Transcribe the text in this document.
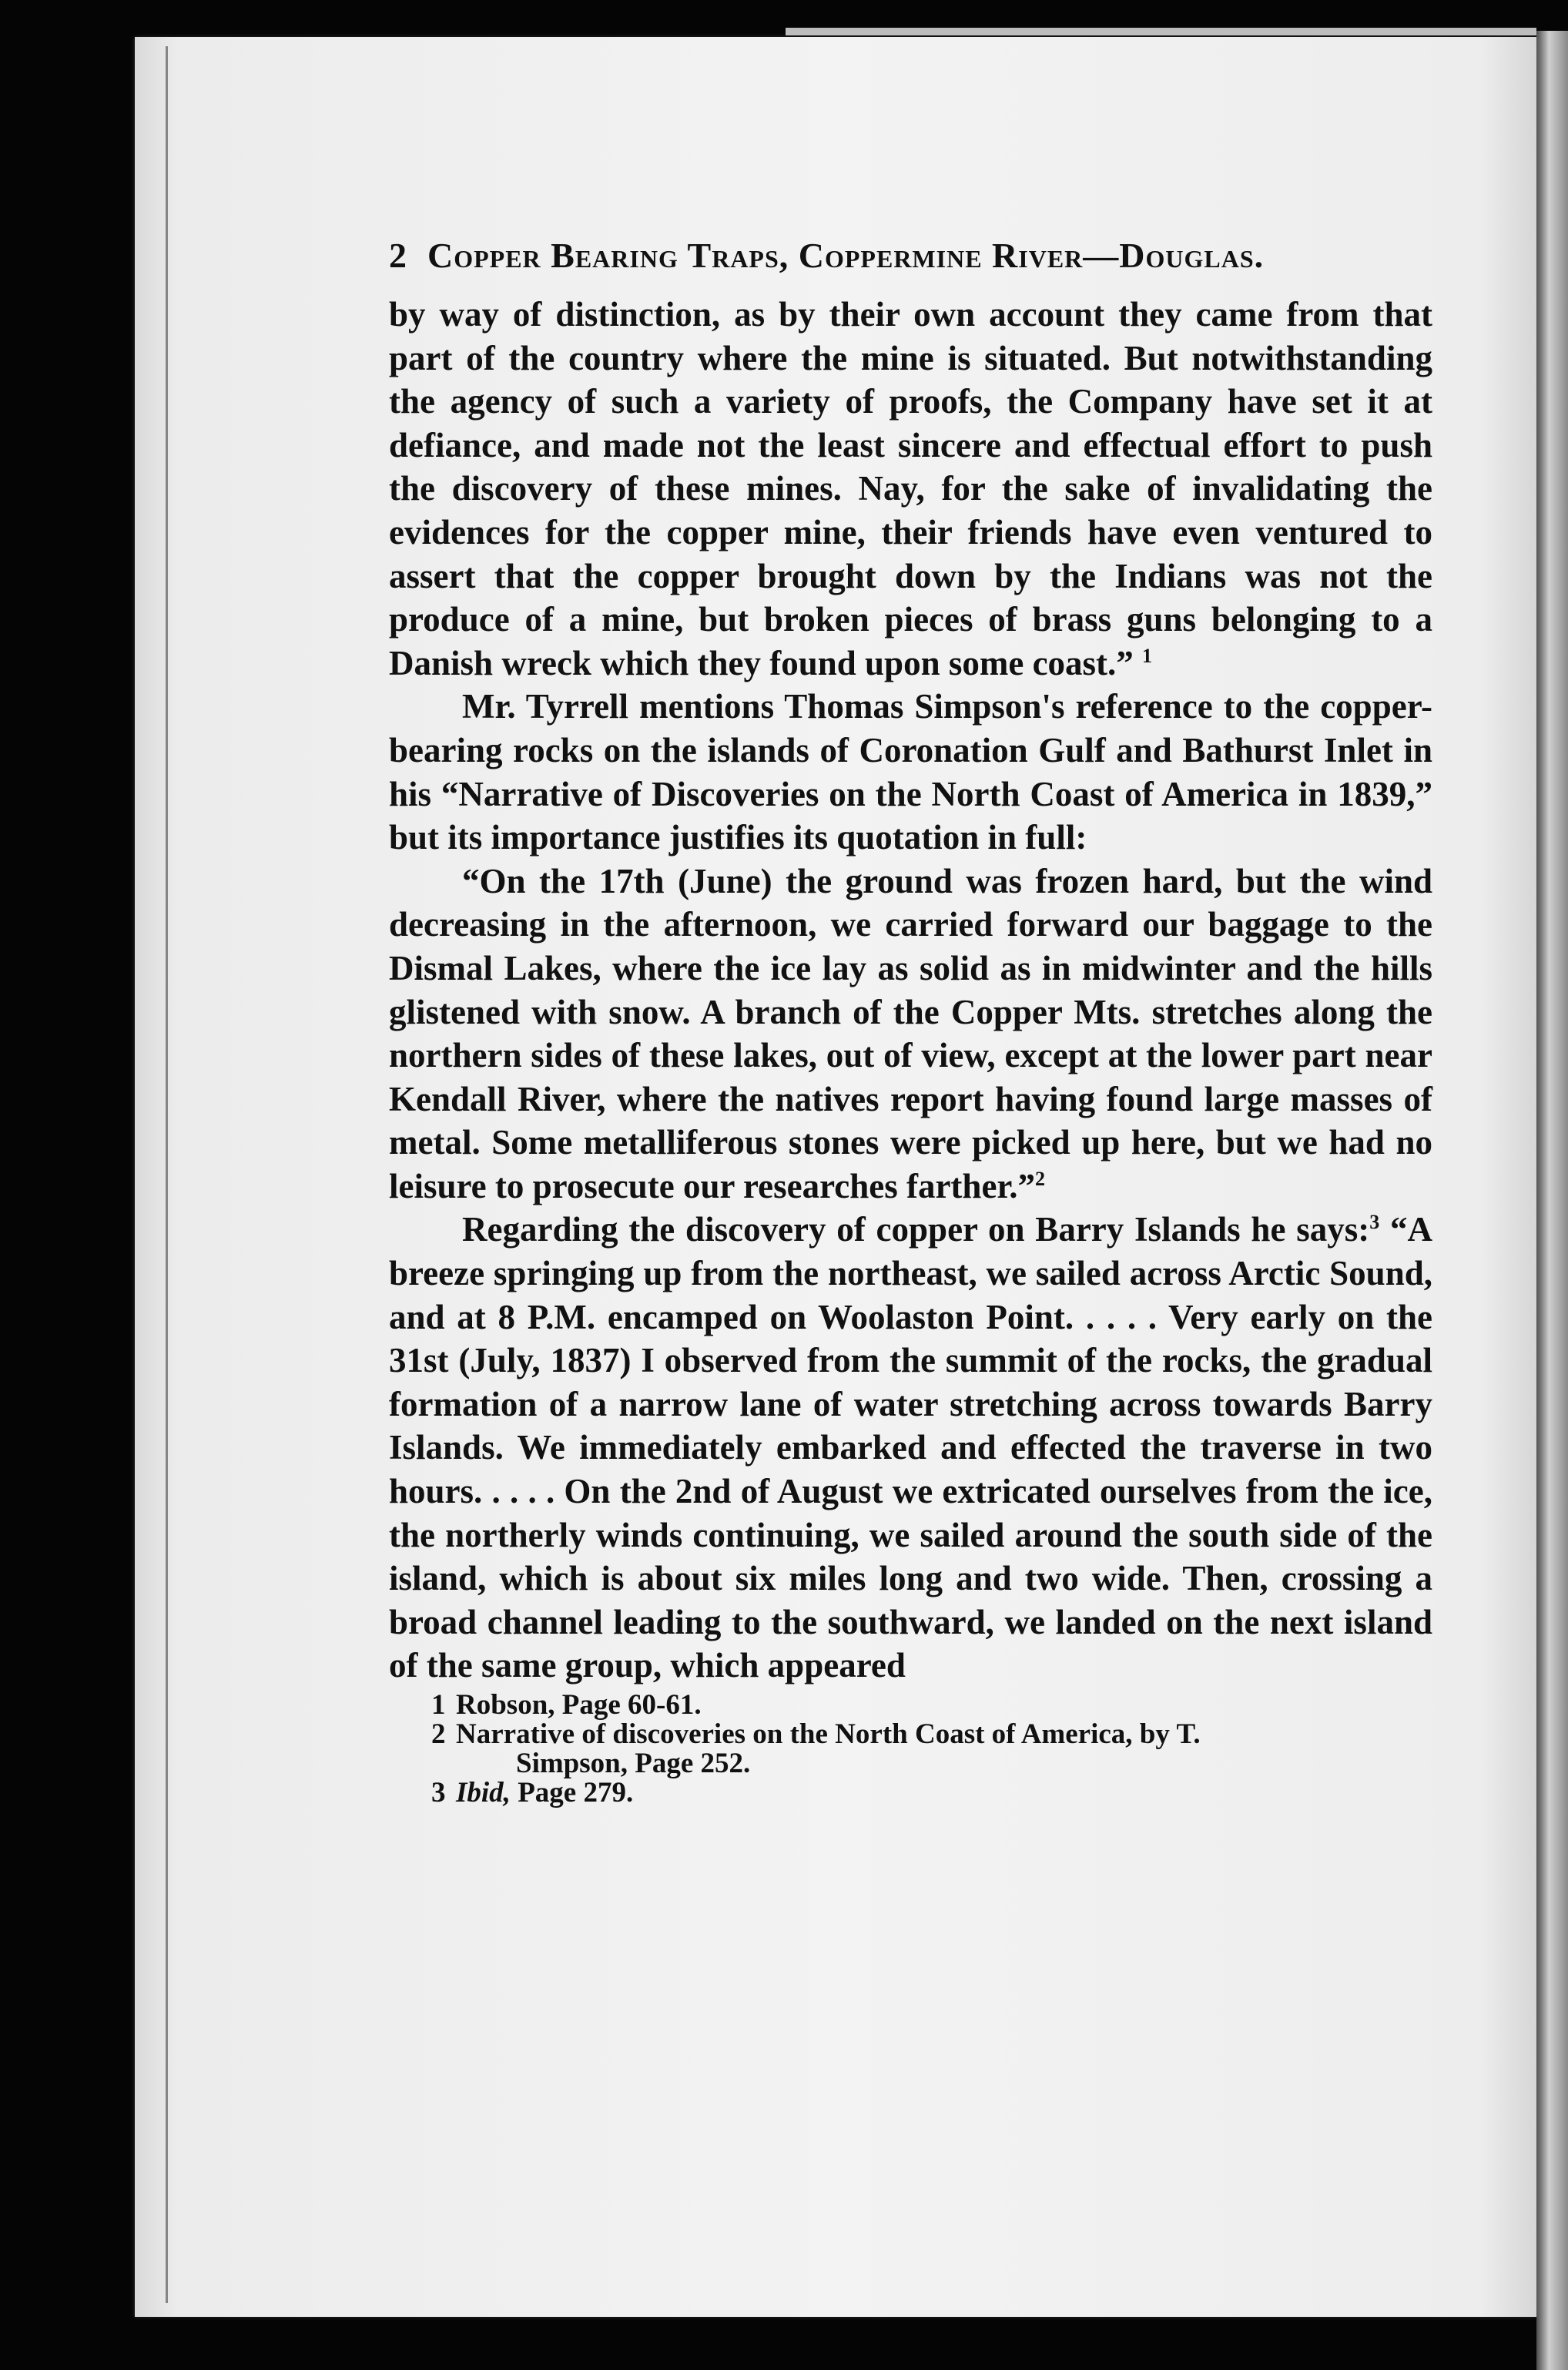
2 Copper Bearing Traps, Coppermine River—Douglas.

by way of distinction, as by their own account they came from that part of the country where the mine is situated. But notwithstanding the agency of such a variety of proofs, the Company have set it at defiance, and made not the least sincere and effectual effort to push the discovery of these mines. Nay, for the sake of invalidating the evidences for the copper mine, their friends have even ventured to assert that the copper brought down by the Indians was not the produce of a mine, but broken pieces of brass guns belonging to a Danish wreck which they found upon some coast.” $^1$

Mr. Tyrrell mentions Thomas Simpson's reference to the copper-bearing rocks on the islands of Coronation Gulf and Bathurst Inlet in his “Narrative of Discoveries on the North Coast of America in 1839,” but its importance justifies its quotation in full:

“On the 17th (June) the ground was frozen hard, but the wind decreasing in the afternoon, we carried forward our baggage to the Dismal Lakes, where the ice lay as solid as in midwinter and the hills glistened with snow. A branch of the Copper Mts. stretches along the northern sides of these lakes, out of view, except at the lower part near Kendall River, where the natives report having found large masses of metal. Some metalliferous stones were picked up here, but we had no leisure to prosecute our researches farther.”$^2$

Regarding the discovery of copper on Barry Islands he says:$^3$ “A breeze springing up from the northeast, we sailed across Arctic Sound, and at 8 P.M. encamped on Woolaston Point. . . . . Very early on the 31st (July, 1837) I observed from the summit of the rocks, the gradual formation of a narrow lane of water stretching across towards Barry Islands. We immediately embarked and effected the traverse in two hours. . . . . On the 2nd of August we extricated ourselves from the ice, the northerly winds continuing, we sailed around the south side of the island, which is about six miles long and two wide. Then, crossing a broad channel leading to the southward, we landed on the next island of the same group, which appeared

1 Robson, Page 60-61.
2 Narrative of discoveries on the North Coast of America, by T.
Simpson, Page 252.
3 Ibid, Page 279.
